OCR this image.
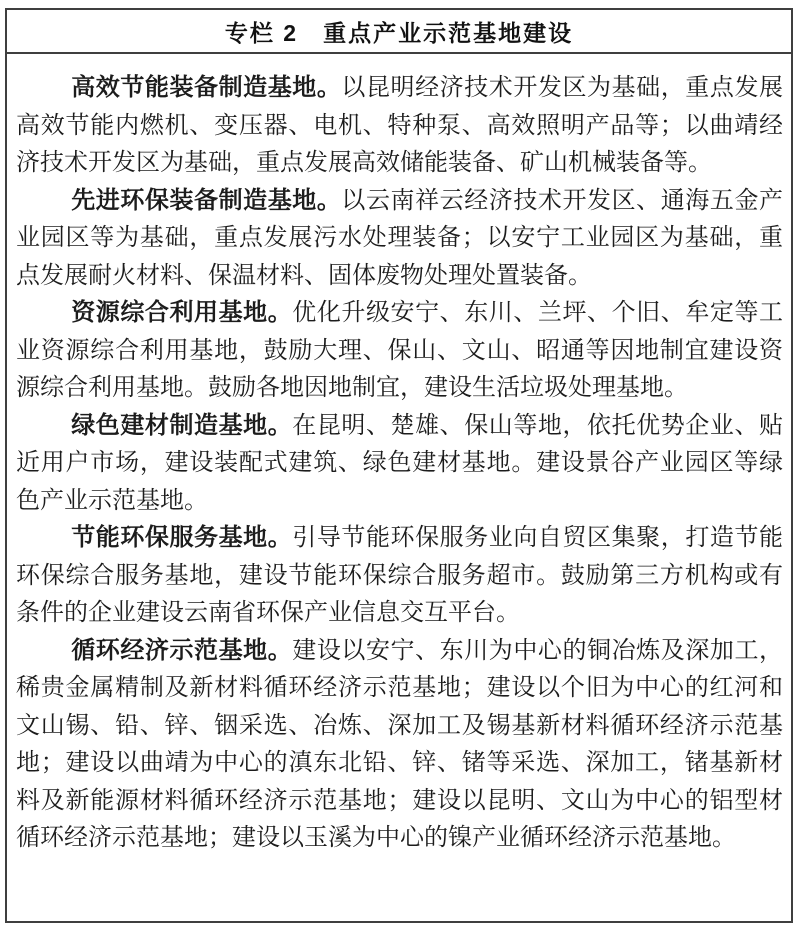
专栏 2　重点产业示范基地建设

高效节能装备制造基地。以昆明经济技术开发区为基础，重点发展高效节能内燃机、变压器、电机、特种泵、高效照明产品等；以曲靖经济技术开发区为基础，重点发展高效储能装备、矿山机械装备等。

先进环保装备制造基地。以云南祥云经济技术开发区、通海五金产业园区等为基础，重点发展污水处理装备；以安宁工业园区为基础，重点发展耐火材料、保温材料、固体废物处理处置装备。

资源综合利用基地。优化升级安宁、东川、兰坪、个旧、牟定等工业资源综合利用基地，鼓励大理、保山、文山、昭通等因地制宜建设资源综合利用基地。鼓励各地因地制宜，建设生活垃圾处理基地。

绿色建材制造基地。在昆明、楚雄、保山等地，依托优势企业、贴近用户市场，建设装配式建筑、绿色建材基地。建设景谷产业园区等绿色产业示范基地。

节能环保服务基地。引导节能环保服务业向自贸区集聚，打造节能环保综合服务基地，建设节能环保综合服务超市。鼓励第三方机构或有条件的企业建设云南省环保产业信息交互平台。

循环经济示范基地。建设以安宁、东川为中心的铜冶炼及深加工，稀贵金属精制及新材料循环经济示范基地；建设以个旧为中心的红河和文山锡、铅、锌、铟采选、冶炼、深加工及锡基新材料循环经济示范基地；建设以曲靖为中心的滇东北铅、锌、锗等采选、深加工，锗基新材料及新能源材料循环经济示范基地；建设以昆明、文山为中心的铝型材循环经济示范基地；建设以玉溪为中心的镍产业循环经济示范基地。
